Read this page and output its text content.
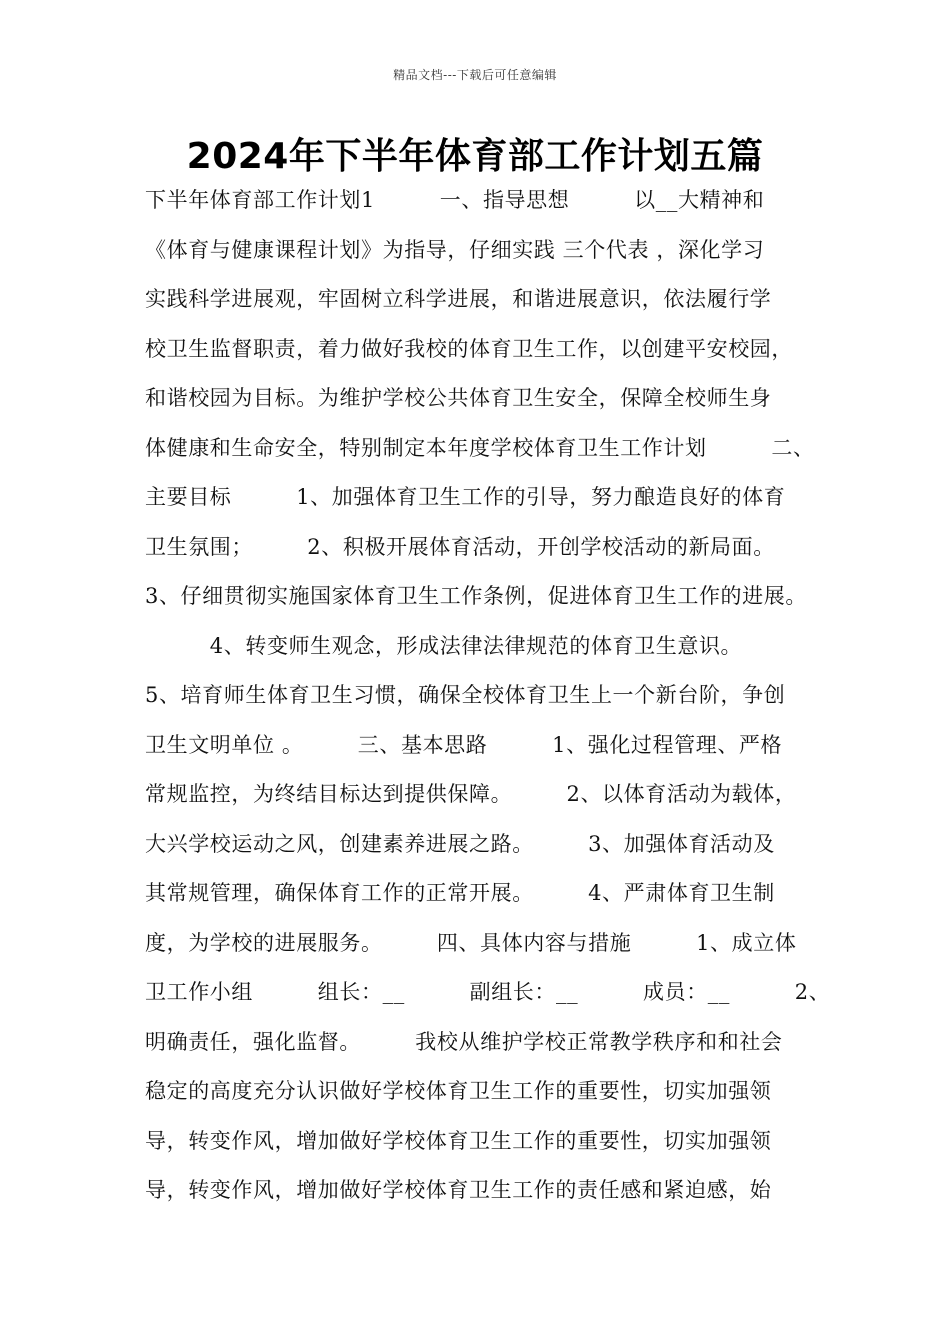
精品文档---下载后可任意编辑
2024年下半年体育部工作计划五篇
下半年体育部工作计划1　　　一、指导思想　　　以__大精神和
《体育与健康课程计划》为指导，仔细实践 三个代表 ，深化学习
实践科学进展观，牢固树立科学进展，和谐进展意识，依法履行学
校卫生监督职责，着力做好我校的体育卫生工作，以创建平安校园，
和谐校园为目标。为维护学校公共体育卫生安全，保障全校师生身
体健康和生命安全，特别制定本年度学校体育卫生工作计划　　　二、
主要目标　　　1、加强体育卫生工作的引导，努力酿造良好的体育
卫生氛围；　　　2、积极开展体育活动，开创学校活动的新局面。
3、仔细贯彻实施国家体育卫生工作条例，促进体育卫生工作的进展。
　　　4、转变师生观念，形成法律法律规范的体育卫生意识。
5、培育师生体育卫生习惯，确保全校体育卫生上一个新台阶，争创
卫生文明单位 。　　　三、基本思路　　　1、强化过程管理、严格
常规监控，为终结目标达到提供保障。　　　2、以体育活动为载体，
大兴学校运动之风，创建素养进展之路。　　　3、加强体育活动及
其常规管理，确保体育工作的正常开展。　　　4、严肃体育卫生制
度，为学校的进展服务。　　　四、具体内容与措施　　　1、成立体
卫工作小组　　　组长：__　　　副组长：__　　　成员：__　　　2、
明确责任，强化监督。　　　我校从维护学校正常教学秩序和和社会
稳定的高度充分认识做好学校体育卫生工作的重要性，切实加强领
导，转变作风，增加做好学校体育卫生工作的重要性，切实加强领
导，转变作风，增加做好学校体育卫生工作的责任感和紧迫感，始
